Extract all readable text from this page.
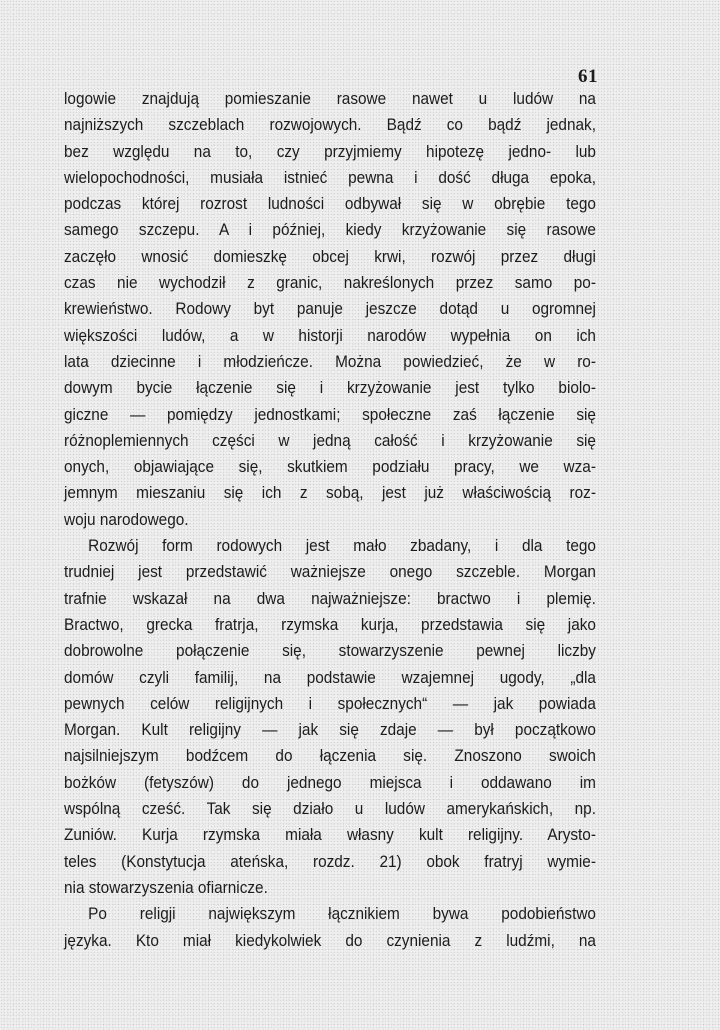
61

logowie znajdują pomieszanie rasowe nawet u ludów na
najniższych szczeblach rozwojowych. Bądź co bądź jednak,
bez względu na to, czy przyjmiemy hipotezę jedno- lub
wielopochodności, musiała istnieć pewna i dość długa epoka,
podczas której rozrost ludności odbywał się w obrębie tego
samego szczepu. A i później, kiedy krzyżowanie się rasowe
zaczęło wnosić domieszkę obcej krwi, rozwój przez długi
czas nie wychodził z granic, nakreślonych przez samo po-
krewieństwo. Rodowy byt panuje jeszcze dotąd u ogromnej
większości ludów, a w historji narodów wypełnia on ich
lata dziecinne i młodzieńcze. Można powiedzieć, że w ro-
dowym bycie łączenie się i krzyżowanie jest tylko biolo-
giczne — pomiędzy jednostkami; społeczne zaś łączenie się
różnoplemiennych części w jedną całość i krzyżowanie się
onych, objawiające się, skutkiem podziału pracy, we wza-
jemnym mieszaniu się ich z sobą, jest już właściwością roz-
woju narodowego.

Rozwój form rodowych jest mało zbadany, i dla tego
trudniej jest przedstawić ważniejsze onego szczeble. Morgan
trafnie wskazał na dwa najważniejsze: bractwo i plemię.
Bractwo, grecka fratrja, rzymska kurja, przedstawia się jako
dobrowolne połączenie się, stowarzyszenie pewnej liczby
domów czyli familij, na podstawie wzajemnej ugody, „dla
pewnych celów religijnych i społecznych“ — jak powiada
Morgan. Kult religijny — jak się zdaje — był początkowo
najsilniejszym bodźcem do łączenia się. Znoszono swoich
bożków (fetyszów) do jednego miejsca i oddawano im
wspólną cześć. Tak się działo u ludów amerykańskich, np.
Zuniów. Kurja rzymska miała własny kult religijny. Arysto-
teles (Konstytucja ateńska, rozdz. 21) obok fratryj wymie-
nia stowarzyszenia ofiarnicze.

Po religji największym łącznikiem bywa podobieństwo
języka. Kto miał kiedykolwiek do czynienia z ludźmi, na
